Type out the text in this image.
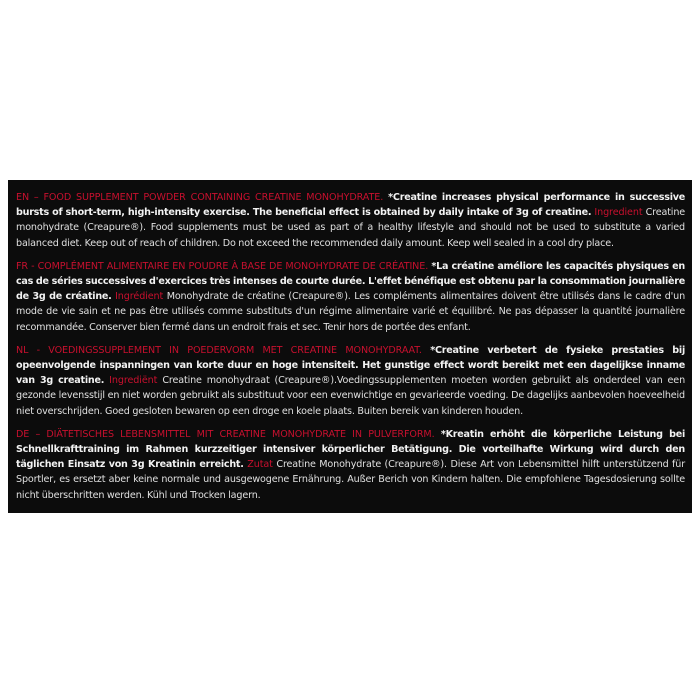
EN – FOOD SUPPLEMENT POWDER CONTAINING CREATINE MONOHYDRATE. *Creatine increases physical performance in successive bursts of short-term, high-intensity exercise. The beneficial effect is obtained by daily intake of 3g of creatine. Ingredient Creatine monohydrate (Creapure®). Food supplements must be used as part of a healthy lifestyle and should not be used to substitute a varied balanced diet. Keep out of reach of children. Do not exceed the recommended daily amount. Keep well sealed in a cool dry place.

FR - COMPLÉMENT ALIMENTAIRE EN POUDRE À BASE DE MONOHYDRATE DE CRÉATINE. *La créatine améliore les capacités physiques en cas de séries successives d'exercices très intenses de courte durée. L'effet bénéfique est obtenu par la consommation journalière de 3g de créatine. Ingrédient Monohydrate de créatine (Creapure®). Les compléments alimentaires doivent être utilisés dans le cadre d'un mode de vie sain et ne pas être utilisés comme substituts d'un régime alimentaire varié et équilibré. Ne pas dépasser la quantité journalière recommandée. Conserver bien fermé dans un endroit frais et sec. Tenir hors de portée des enfant.

NL - VOEDINGSSUPPLEMENT IN POEDERVORM MET CREATINE MONOHYDRAAT. *Creatine verbetert de fysieke prestaties bij opeenvolgende inspanningen van korte duur en hoge intensiteit. Het gunstige effect wordt bereikt met een dagelijkse inname van 3g creatine. Ingrediënt Creatine monohydraat (Creapure®).Voedingssupplementen moeten worden gebruikt als onderdeel van een gezonde levensstijl en niet worden gebruikt als substituut voor een evenwichtige en gevarieerde voeding. De dagelijks aanbevolen hoeveelheid niet overschrijden. Goed gesloten bewaren op een droge en koele plaats. Buiten bereik van kinderen houden.

DE – DIÄTETISCHES LEBENSMITTEL MIT CREATINE MONOHYDRATE IN PULVERFORM. *Kreatin erhöht die körperliche Leistung bei Schnellkrafttraining im Rahmen kurzzeitiger intensiver körperlicher Betätigung. Die vorteilhafte Wirkung wird durch den täglichen Einsatz von 3g Kreatinin erreicht. Zutat Creatine Monohydrate (Creapure®). Diese Art von Lebensmittel hilft unterstützend für Sportler, es ersetzt aber keine normale und ausgewogene Ernährung. Außer Berich von Kindern halten. Die empfohlene Tagesdosierung sollte nicht überschritten werden. Kühl und Trocken lagern.
